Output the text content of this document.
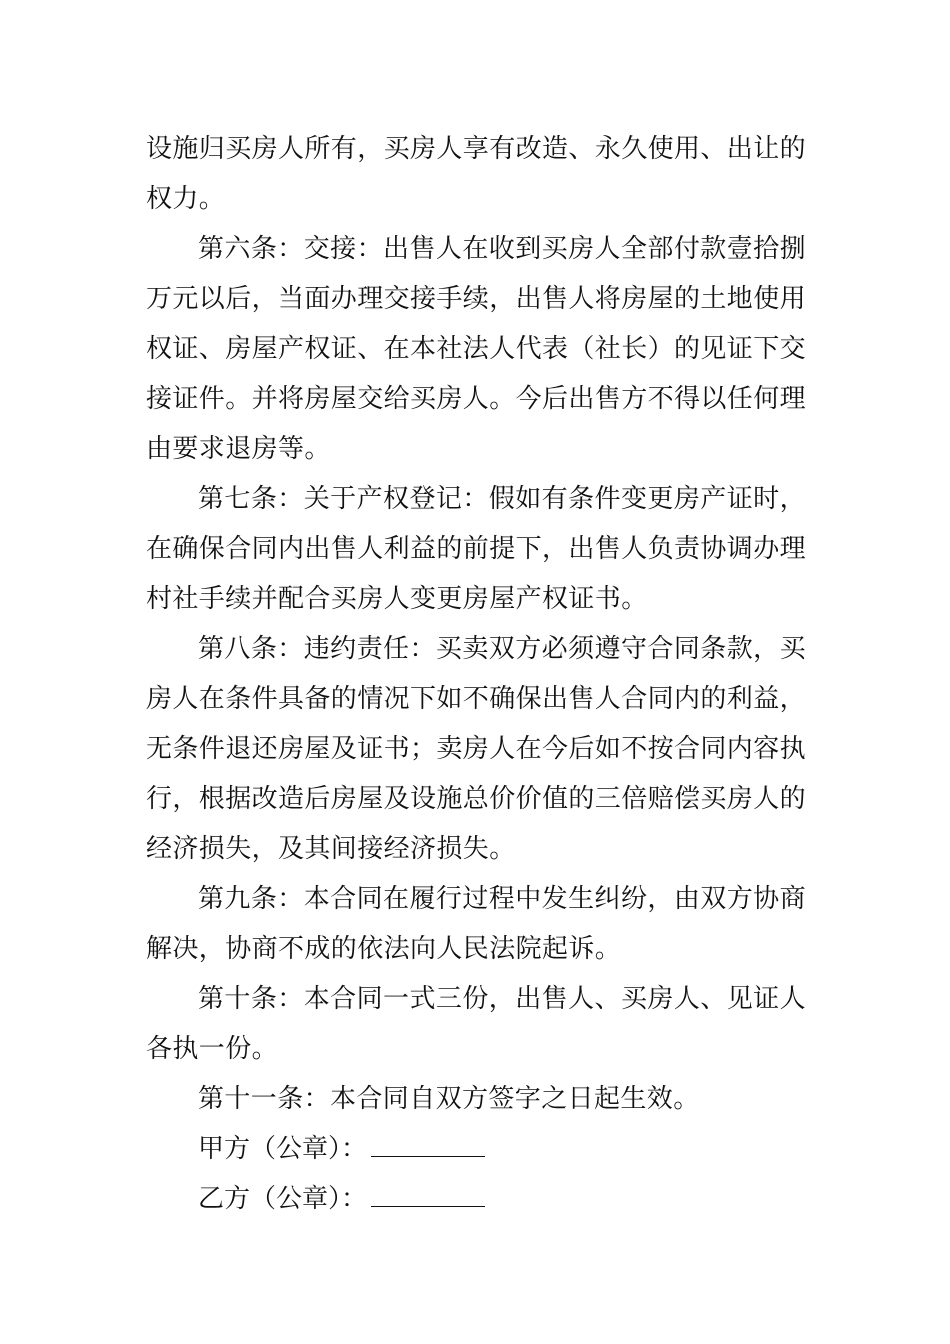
设施归买房人所有，买房人享有改造、永久使用、出让的权力。

第六条：交接：出售人在收到买房人全部付款壹拾捌万元以后，当面办理交接手续，出售人将房屋的土地使用权证、房屋产权证、在本社法人代表（社长）的见证下交接证件。并将房屋交给买房人。今后出售方不得以任何理由要求退房等。

第七条：关于产权登记：假如有条件变更房产证时，在确保合同内出售人利益的前提下，出售人负责协调办理村社手续并配合买房人变更房屋产权证书。

第八条：违约责任：买卖双方必须遵守合同条款，买房人在条件具备的情况下如不确保出售人合同内的利益，无条件退还房屋及证书；卖房人在今后如不按合同内容执行，根据改造后房屋及设施总价价值的三倍赔偿买房人的经济损失，及其间接经济损失。

第九条：本合同在履行过程中发生纠纷，由双方协商解决，协商不成的依法向人民法院起诉。

第十条：本合同一式三份，出售人、买房人、见证人各执一份。

第十一条：本合同自双方签字之日起生效。

甲方（公章）：

乙方（公章）：
